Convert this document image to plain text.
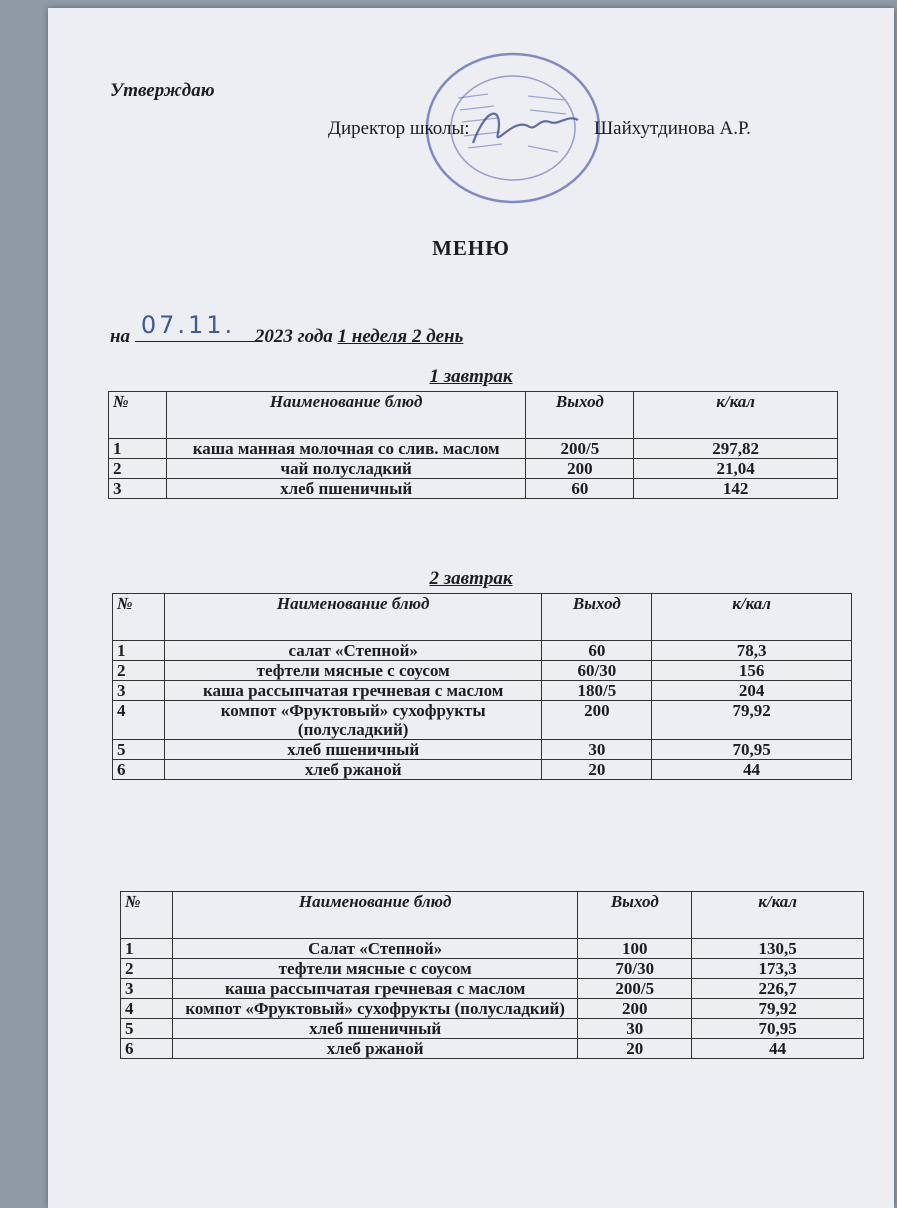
Утверждаю
Директор школы:	Шайхутдинова А.Р.
МЕНЮ
на 07.11. 2023 года 1 неделя 2 день
1 завтрак
№	Наименование блюд	Выход	к/кал
1	каша манная молочная со слив. маслом	200/5	297,82
2	чай полусладкий	200	21,04
3	хлеб пшеничный	60	142
2 завтрак
№	Наименование блюд	Выход	к/кал
1	салат «Степной»	60	78,3
2	тефтели мясные с соусом	60/30	156
3	каша рассыпчатая гречневая с маслом	180/5	204
4	компот «Фруктовый» сухофрукты (полусладкий)	200	79,92
5	хлеб пшеничный	30	70,95
6	хлеб ржаной	20	44
№	Наименование блюд	Выход	к/кал
1	Салат «Степной»	100	130,5
2	тефтели мясные с соусом	70/30	173,3
3	каша рассыпчатая гречневая с маслом	200/5	226,7
4	компот «Фруктовый» сухофрукты (полусладкий)	200	79,92
5	хлеб пшеничный	30	70,95
6	хлеб ржаной	20	44
